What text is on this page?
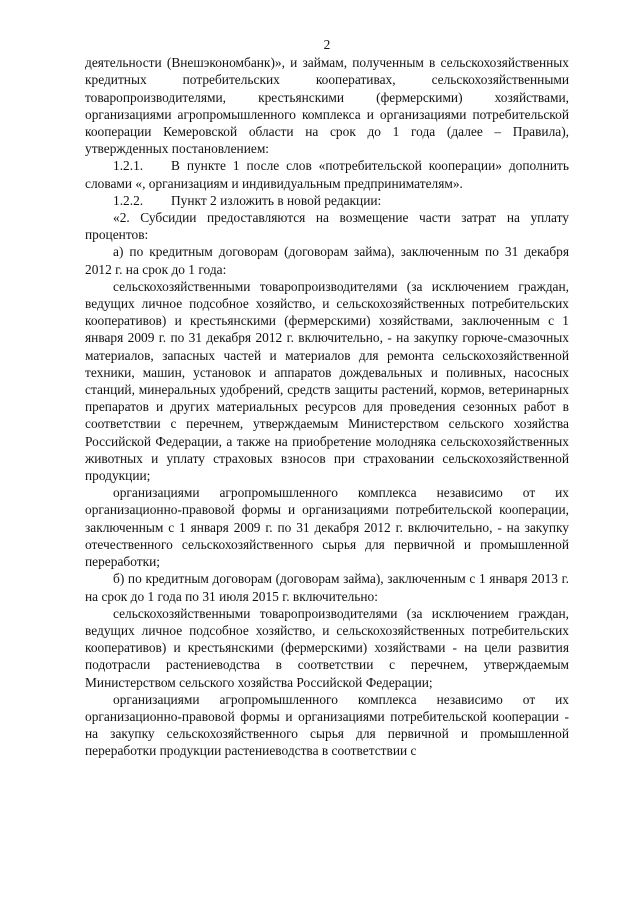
2

деятельности (Внешэкономбанк)», и займам, полученным в сельскохозяйственных кредитных потребительских кооперативах, сельскохозяйственными товаропроизводителями, крестьянскими (фермерскими) хозяйствами, организациями агропромышленного комплекса и организациями потребительской кооперации Кемеровской области на срок до 1 года (далее – Правила), утвержденных постановлением:

1.2.1. В пункте 1 после слов «потребительской кооперации» дополнить словами «, организациям и индивидуальным предпринимателям».

1.2.2. Пункт 2 изложить в новой редакции:

«2. Субсидии предоставляются на возмещение части затрат на уплату процентов:

а) по кредитным договорам (договорам займа), заключенным по 31 декабря 2012 г. на срок до 1 года:

сельскохозяйственными товаропроизводителями (за исключением граждан, ведущих личное подсобное хозяйство, и сельскохозяйственных потребительских кооперативов) и крестьянскими (фермерскими) хозяйствами, заключенным с 1 января 2009 г. по 31 декабря 2012 г. включительно, - на закупку горюче-смазочных материалов, запасных частей и материалов для ремонта сельскохозяйственной техники, машин, установок и аппаратов дождевальных и поливных, насосных станций, минеральных удобрений, средств защиты растений, кормов, ветеринарных препаратов и других материальных ресурсов для проведения сезонных работ в соответствии с перечнем, утверждаемым Министерством сельского хозяйства Российской Федерации, а также на приобретение молодняка сельскохозяйственных животных и уплату страховых взносов при страховании сельскохозяйственной продукции;

организациями агропромышленного комплекса независимо от их организационно-правовой формы и организациями потребительской кооперации, заключенным с 1 января 2009 г. по 31 декабря 2012 г. включительно, - на закупку отечественного сельскохозяйственного сырья для первичной и промышленной переработки;

б) по кредитным договорам (договорам займа), заключенным с 1 января 2013 г. на срок до 1 года по 31 июля 2015 г. включительно:

сельскохозяйственными товаропроизводителями (за исключением граждан, ведущих личное подсобное хозяйство, и сельскохозяйственных потребительских кооперативов) и крестьянскими (фермерскими) хозяйствами - на цели развития подотрасли растениеводства в соответствии с перечнем, утверждаемым Министерством сельского хозяйства Российской Федерации;

организациями агропромышленного комплекса независимо от их организационно-правовой формы и организациями потребительской кооперации - на закупку сельскохозяйственного сырья для первичной и промышленной переработки продукции растениеводства в соответствии с
